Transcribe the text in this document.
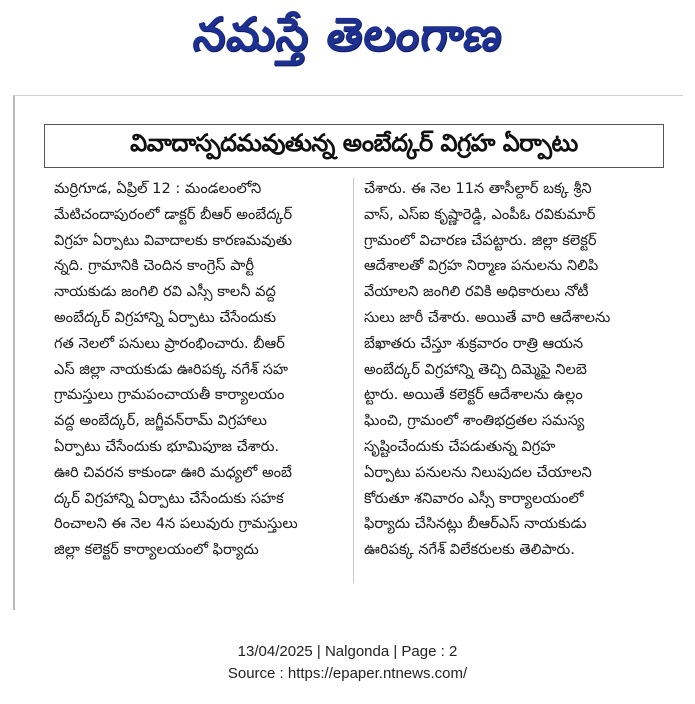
నమస్తే తెలంగాణ
వివాదాస్పదమవుతున్న అంబేద్కర్ విగ్రహ ఏర్పాటు
మర్రిగూడ, ఏప్రిల్ 12 : మండలంలోని
మేటిచందాపురంలో డాక్టర్ బీఆర్ అంబేద్కర్
విగ్రహ ఏర్పాటు వివాదాలకు కారణమవుతు
న్నది. గ్రామానికి చెందిన కాంగ్రెస్ పార్టీ
నాయకుడు జంగిలి రవి ఎస్సీ కాలనీ వద్ద
అంబేద్కర్ విగ్రహాన్ని ఏర్పాటు చేసేందుకు
గత నెలలో పనులు ప్రారంభించారు. బీఆర్
ఎస్ జిల్లా నాయకుడు ఊరిపక్క నగేశ్ సహ
గ్రామస్తులు గ్రామపంచాయతీ కార్యాలయం
వద్ద అంబేద్కర్, జగ్జీవన్‌రామ్ విగ్రహాలు
ఏర్పాటు చేసేందుకు భూమిపూజ చేశారు.
ఊరి చివరన కాకుండా ఊరి మధ్యలో అంబే
ద్కర్ విగ్రహాన్ని ఏర్పాటు చేసేందుకు సహక
రించాలని ఈ నెల 4న పలువురు గ్రామస్తులు
జిల్లా కలెక్టర్ కార్యాలయంలో ఫిర్యాదు
చేశారు. ఈ నెల 11న తాసీల్దార్ బక్క శ్రీని
వాస్, ఎస్ఐ కృష్ణారెడ్డి, ఎంపీఓ రవికుమార్
గ్రామంలో విచారణ చేపట్టారు. జిల్లా కలెక్టర్
ఆదేశాలతో విగ్రహ నిర్మాణ పనులను నిలిపి
వేయాలని జంగిలి రవికి అధికారులు నోటీ
సులు జారీ చేశారు. అయితే వారి ఆదేశాలను
బేఖాతరు చేస్తూ శుక్రవారం రాత్రి ఆయన
అంబేద్కర్ విగ్రహాన్ని తెచ్చి దిమ్మెపై నిలబె
ట్టారు. అయితే కలెక్టర్ ఆదేశాలను ఉల్లం
ఘించి, గ్రామంలో శాంతిభద్రతల సమస్య
సృష్టించేందుకు చేపడుతున్న విగ్రహ
ఏర్పాటు పనులను నిలుపుదల చేయాలని
కోరుతూ శనివారం ఎస్సీ కార్యాలయంలో
ఫిర్యాదు చేసినట్లు బీఆర్ఎస్ నాయకుడు
ఊరిపక్క నగేశ్ విలేకరులకు తెలిపారు.
13/04/2025 | Nalgonda | Page : 2
Source : https://epaper.ntnews.com/
